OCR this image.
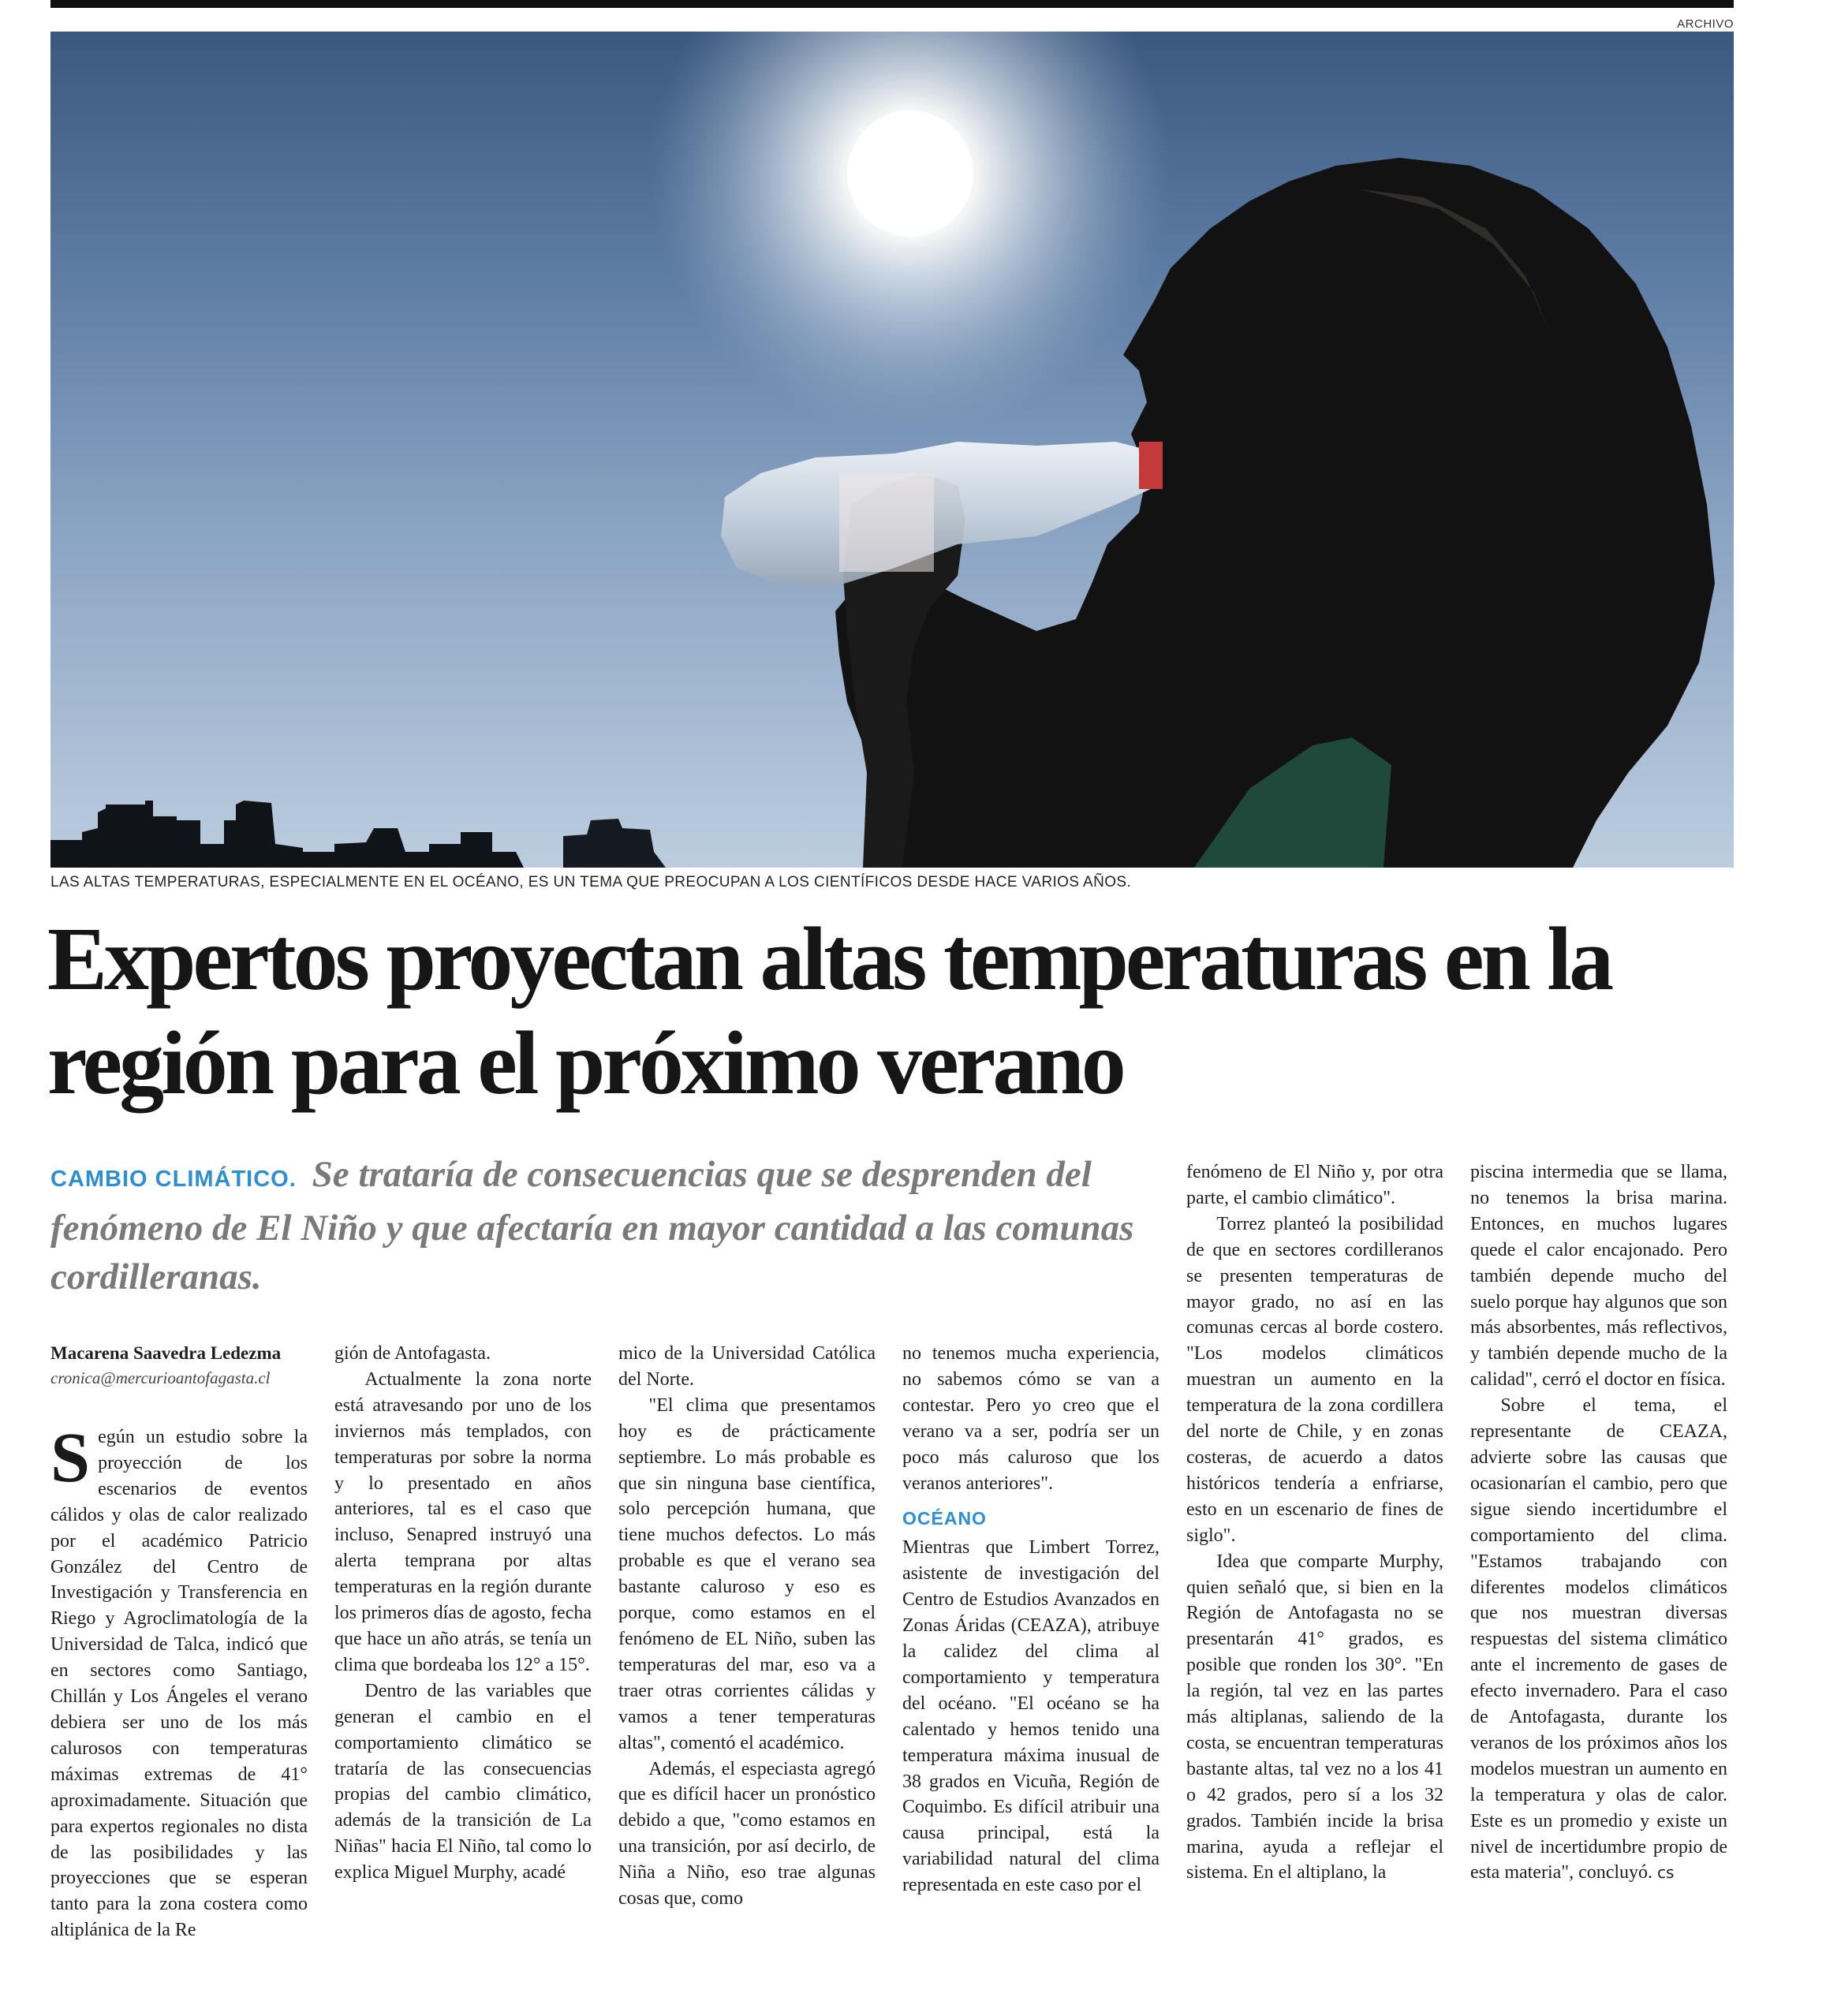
ARCHIVO
LAS ALTAS TEMPERATURAS, ESPECIALMENTE EN EL OCÉANO, ES UN TEMA QUE PREOCUPAN A LOS CIENTÍFICOS DESDE HACE VARIOS AÑOS.
Expertos proyectan altas temperaturas en la región para el próximo verano

CAMBIO CLIMÁTICO. Se trataría de consecuencias que se desprenden del fenómeno de El Niño y que afectaría en mayor cantidad a las comunas cordilleranas.

Macarena Saavedra Ledezma
cronica@mercurioantofagasta.cl

Según un estudio sobre la proyección de los escenarios de eventos cálidos y olas de calor realizado por el académico Patricio González del Centro de Investigación y Transferencia en Riego y Agroclimatología de la Universidad de Talca, indicó que en sectores como Santiago, Chillán y Los Ángeles el verano debiera ser uno de los más calurosos con temperaturas máximas extremas de 41° aproximadamente. Situación que para expertos regionales no dista de las posibilidades y las proyecciones que se esperan tanto para la zona costera como altiplánica de la Re

gión de Antofagasta.

Actualmente la zona norte está atravesando por uno de los inviernos más templados, con temperaturas por sobre la norma y lo presentado en años anteriores, tal es el caso que incluso, Senapred instruyó una alerta temprana por altas temperaturas en la región durante los primeros días de agosto, fecha que hace un año atrás, se tenía un clima que bordeaba los 12° a 15°.

Dentro de las variables que generan el cambio en el comportamiento climático se trataría de las consecuencias propias del cambio climático, además de la transición de La Niñas" hacia El Niño, tal como lo explica Miguel Murphy, acadé

mico de la Universidad Católica del Norte.

"El clima que presentamos hoy es de prácticamente septiembre. Lo más probable es que sin ninguna base científica, solo percepción humana, que tiene muchos defectos. Lo más probable es que el verano sea bastante caluroso y eso es porque, como estamos en el fenómeno de EL Niño, suben las temperaturas del mar, eso va a traer otras corrientes cálidas y vamos a tener temperaturas altas", comentó el académico.

Además, el especiasta agregó que es difícil hacer un pronóstico debido a que, "como estamos en una transición, por así decirlo, de Niña a Niño, eso trae algunas cosas que, como

no tenemos mucha experiencia, no sabemos cómo se van a contestar. Pero yo creo que el verano va a ser, podría ser un poco más caluroso que los veranos anteriores".

OCÉANO

Mientras que Limbert Torrez, asistente de investigación del Centro de Estudios Avanzados en Zonas Áridas (CEAZA), atribuye la calidez del clima al comportamiento y temperatura del océano. "El océano se ha calentado y hemos tenido una temperatura máxima inusual de 38 grados en Vicuña, Región de Coquimbo. Es difícil atribuir una causa principal, está la variabilidad natural del clima representada en este caso por el

fenómeno de El Niño y, por otra parte, el cambio climático".

Torrez planteó la posibilidad de que en sectores cordilleranos se presenten temperaturas de mayor grado, no así en las comunas cercas al borde costero. "Los modelos climáticos muestran un aumento en la temperatura de la zona cordillera del norte de Chile, y en zonas costeras, de acuerdo a datos históricos tendería a enfriarse, esto en un escenario de fines de siglo".

Idea que comparte Murphy, quien señaló que, si bien en la Región de Antofagasta no se presentarán 41° grados, es posible que ronden los 30°. "En la región, tal vez en las partes más altiplanas, saliendo de la costa, se encuentran temperaturas bastante altas, tal vez no a los 41 o 42 grados, pero sí a los 32 grados. También incide la brisa marina, ayuda a reflejar el sistema. En el altiplano, la

piscina intermedia que se llama, no tenemos la brisa marina. Entonces, en muchos lugares quede el calor encajonado. Pero también depende mucho del suelo porque hay algunos que son más absorbentes, más reflectivos, y también depende mucho de la calidad", cerró el doctor en física.

Sobre el tema, el representante de CEAZA, advierte sobre las causas que ocasionarían el cambio, pero que sigue siendo incertidumbre el comportamiento del clima. "Estamos trabajando con diferentes modelos climáticos que nos muestran diversas respuestas del sistema climático ante el incremento de gases de efecto invernadero. Para el caso de Antofagasta, durante los veranos de los próximos años los modelos muestran un aumento en la temperatura y olas de calor. Este es un promedio y existe un nivel de incertidumbre propio de esta materia", concluyó. cs
